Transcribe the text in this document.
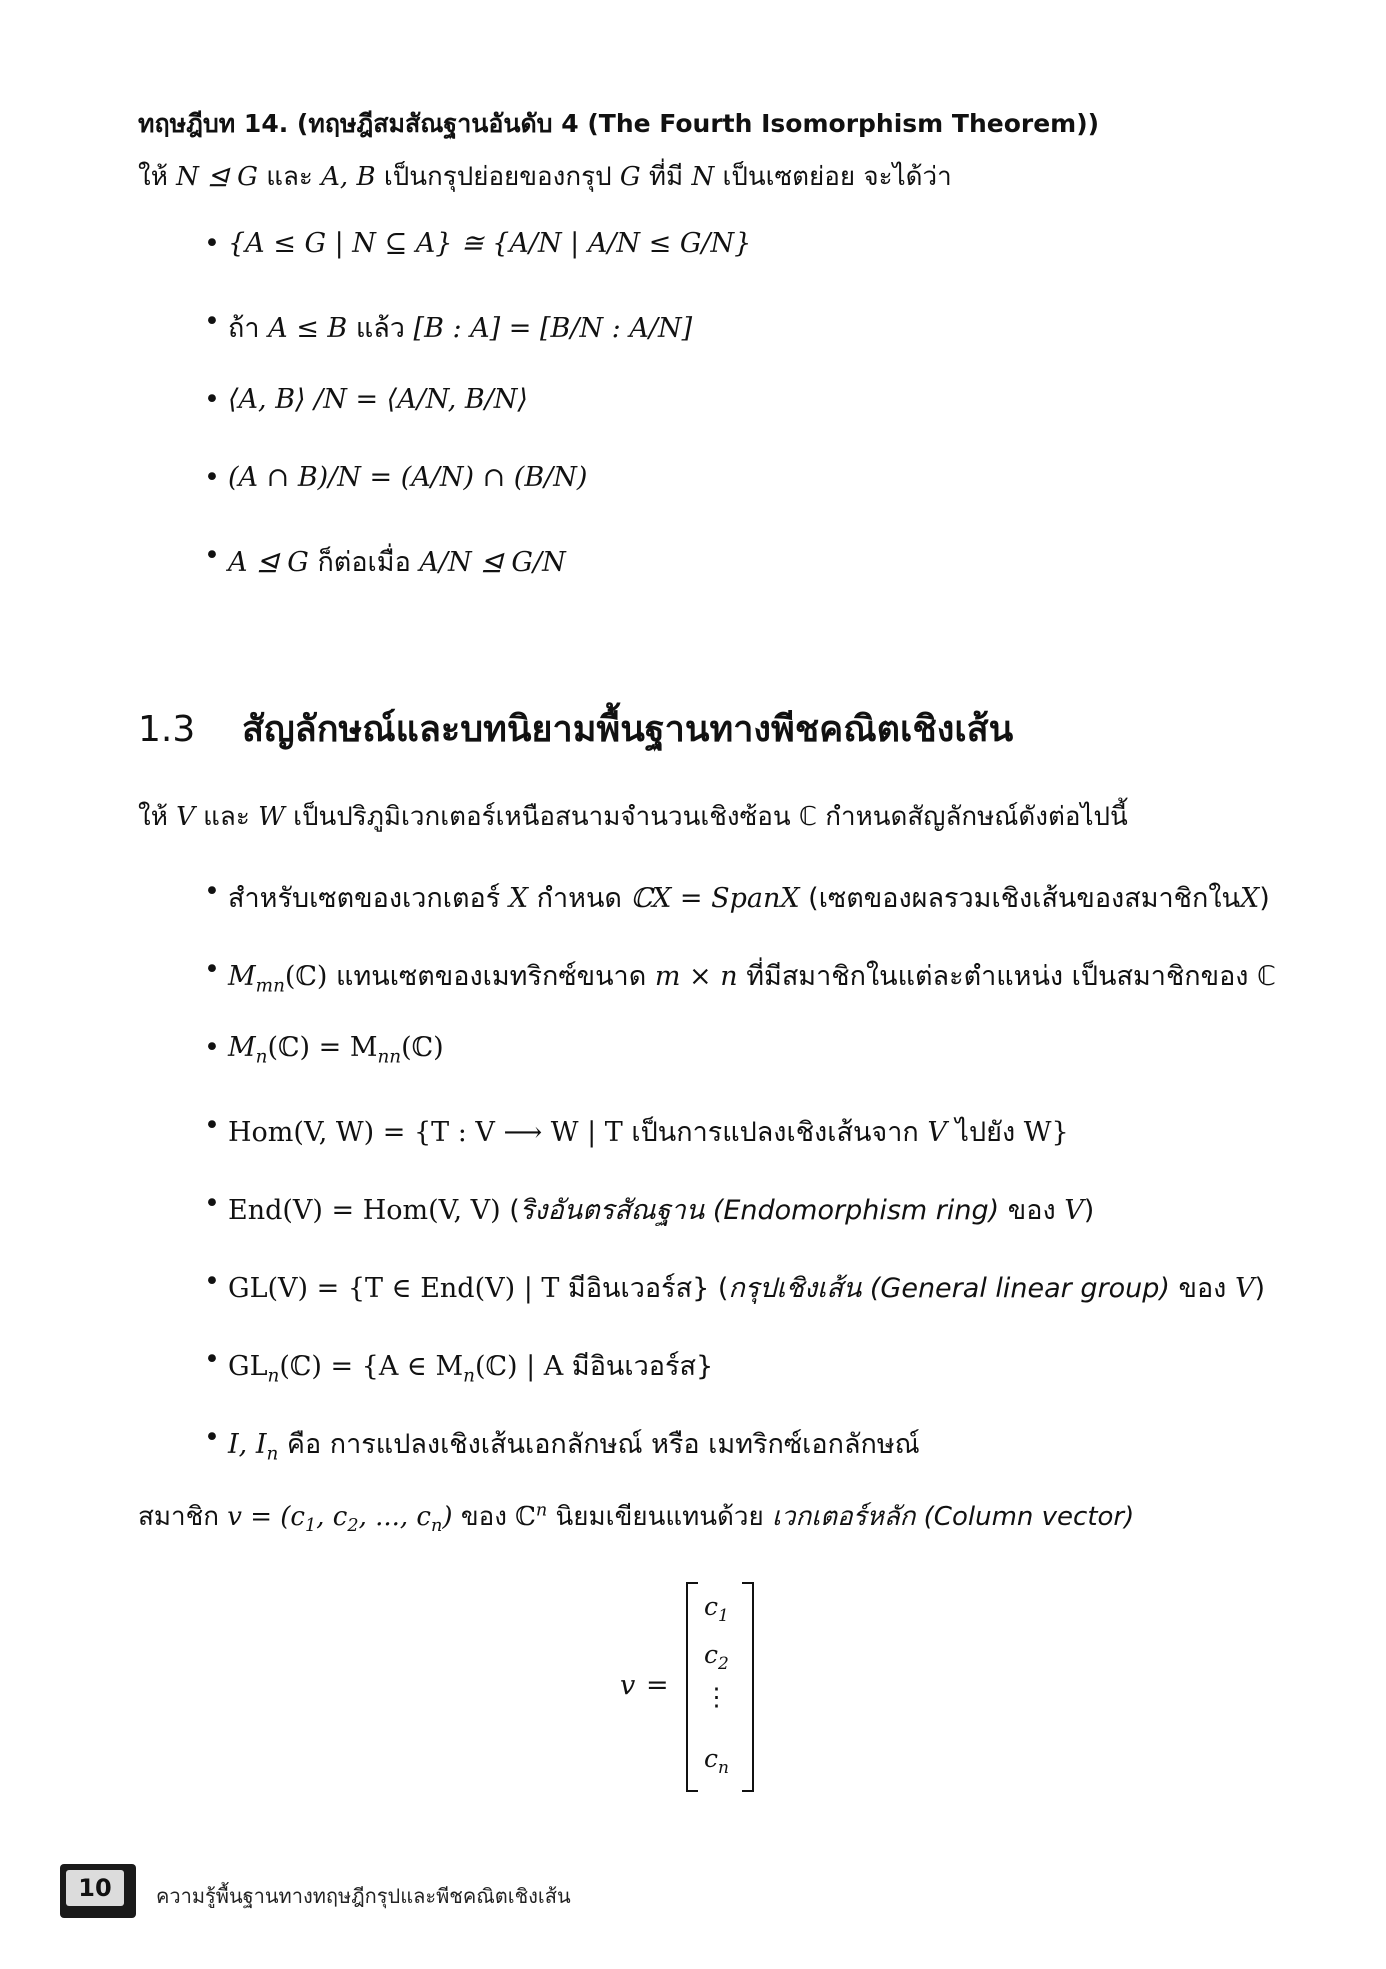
ทฤษฎีบท 14. (ทฤษฎีสมสัณฐานอันดับ 4 (The Fourth Isomorphism Theorem))
ให้ N ⊴ G และ A, B เป็นกรุปย่อยของกรุป G ที่มี N เป็นเซตย่อย จะได้ว่า
• {A ≤ G | N ⊆ A} ≅ {A/N | A/N ≤ G/N}
• ถ้า A ≤ B แล้ว [B : A] = [B/N : A/N]
• ⟨A, B⟩ /N = ⟨A/N, B/N⟩
• (A ∩ B)/N = (A/N) ∩ (B/N)
• A ⊴ G ก็ต่อเมื่อ A/N ⊴ G/N
1.3 สัญลักษณ์และบทนิยามพื้นฐานทางพีชคณิตเชิงเส้น
ให้ V และ W เป็นปริภูมิเวกเตอร์เหนือสนามจำนวนเชิงซ้อน ℂ กำหนดสัญลักษณ์ดังต่อไปนี้
• สำหรับเซตของเวกเตอร์ X กำหนด ℂX = SpanX (เซตของผลรวมเชิงเส้นของสมาชิกในX)
• $M_{mn}(ℂ)$ แทนเซตของเมทริกซ์ขนาด m × n ที่มีสมาชิกในแต่ละตำแหน่ง เป็นสมาชิกของ ℂ
• $M_n(ℂ)$ = $M_{nn}(ℂ)$
• Hom(V, W) = {T : V ⟶ W | T เป็นการแปลงเชิงเส้นจาก V ไปยัง W}
• End(V) = Hom(V, V) (ริงอันตรสัณฐาน (Endomorphism ring) ของ V)
• GL(V) = {T ∈ End(V) | T มีอินเวอร์ส} (กรุปเชิงเส้น (General linear group) ของ V)
• $GL_n(ℂ) = \{A$ ∈ $M_n(ℂ)$ | A มีอินเวอร์ส}
• I, $I_n$ คือ การแปลงเชิงเส้นเอกลักษณ์ หรือ เมทริกซ์เอกลักษณ์
สมาชิก $v = (c_1$, $c_2$, ..., $c_n$) ของ ℂ$^n$ นิยมเขียนแทนด้วย เวกเตอร์หลัก (Column vector)
v =
$c_1$
$c_2$
⋮
$c_n$
10	ความรู้พื้นฐานทางทฤษฎีกรุปและพีชคณิตเชิงเส้น
